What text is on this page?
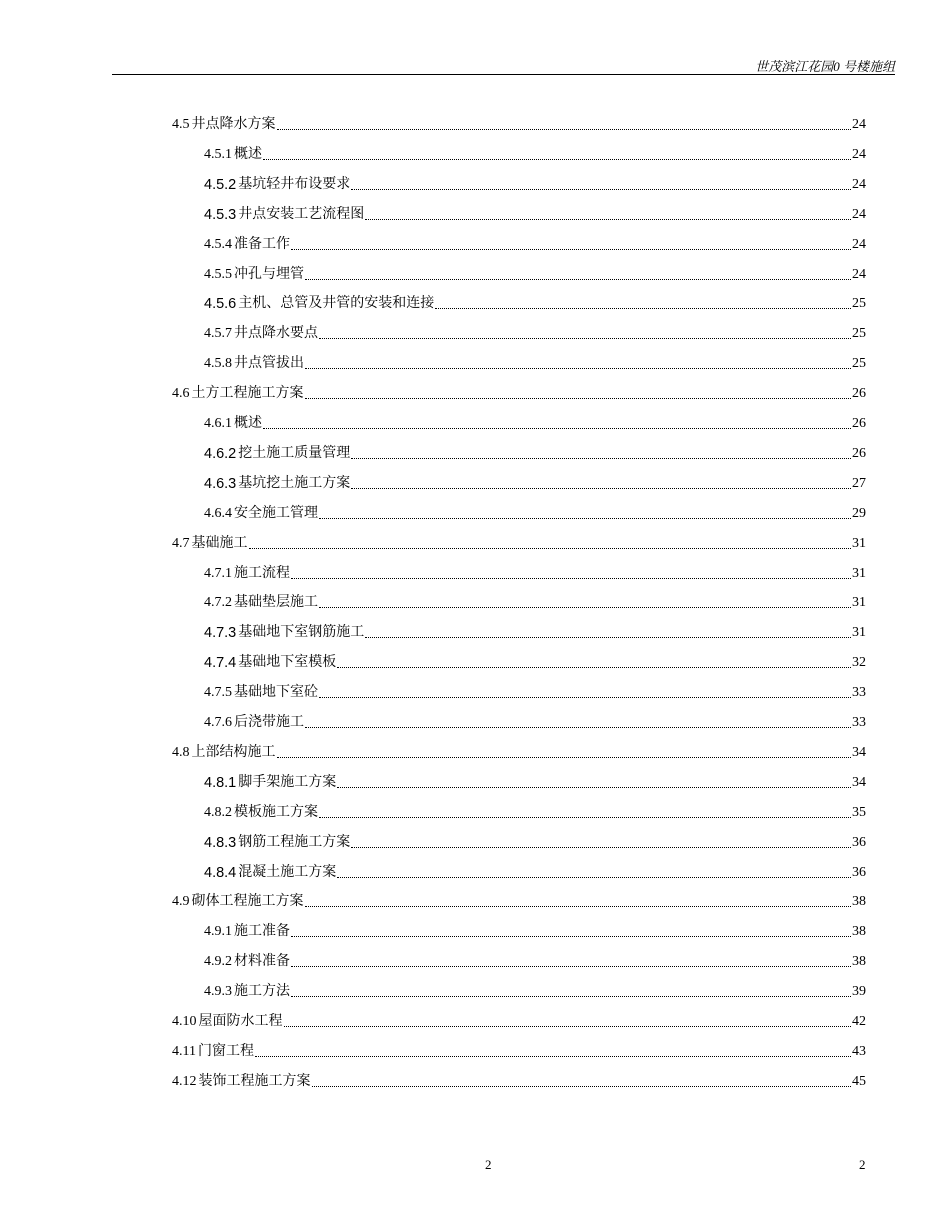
世茂滨江花园0 号楼施组
4.5 井点降水方案	24
4.5.1 概述	24
4.5.2 基坑轻井布设要求	24
4.5.3 井点安装工艺流程图	24
4.5.4 准备工作	24
4.5.5 冲孔与埋管	24
4.5.6 主机、总管及井管的安装和连接	25
4.5.7 井点降水要点	25
4.5.8 井点管拔出	25
4.6 土方工程施工方案	26
4.6.1 概述	26
4.6.2 挖土施工质量管理	26
4.6.3 基坑挖土施工方案	27
4.6.4 安全施工管理	29
4.7 基础施工	31
4.7.1 施工流程	31
4.7.2 基础垫层施工	31
4.7.3 基础地下室钢筋施工	31
4.7.4 基础地下室模板	32
4.7.5 基础地下室砼	33
4.7.6 后浇带施工	33
4.8 上部结构施工	34
4.8.1 脚手架施工方案	34
4.8.2 模板施工方案	35
4.8.3 钢筋工程施工方案	36
4.8.4 混凝土施工方案	36
4.9 砌体工程施工方案	38
4.9.1 施工准备	38
4.9.2 材料准备	38
4.9.3 施工方法	39
4.10 屋面防水工程	42
4.11 门窗工程	43
4.12 装饰工程施工方案	45
2	2
